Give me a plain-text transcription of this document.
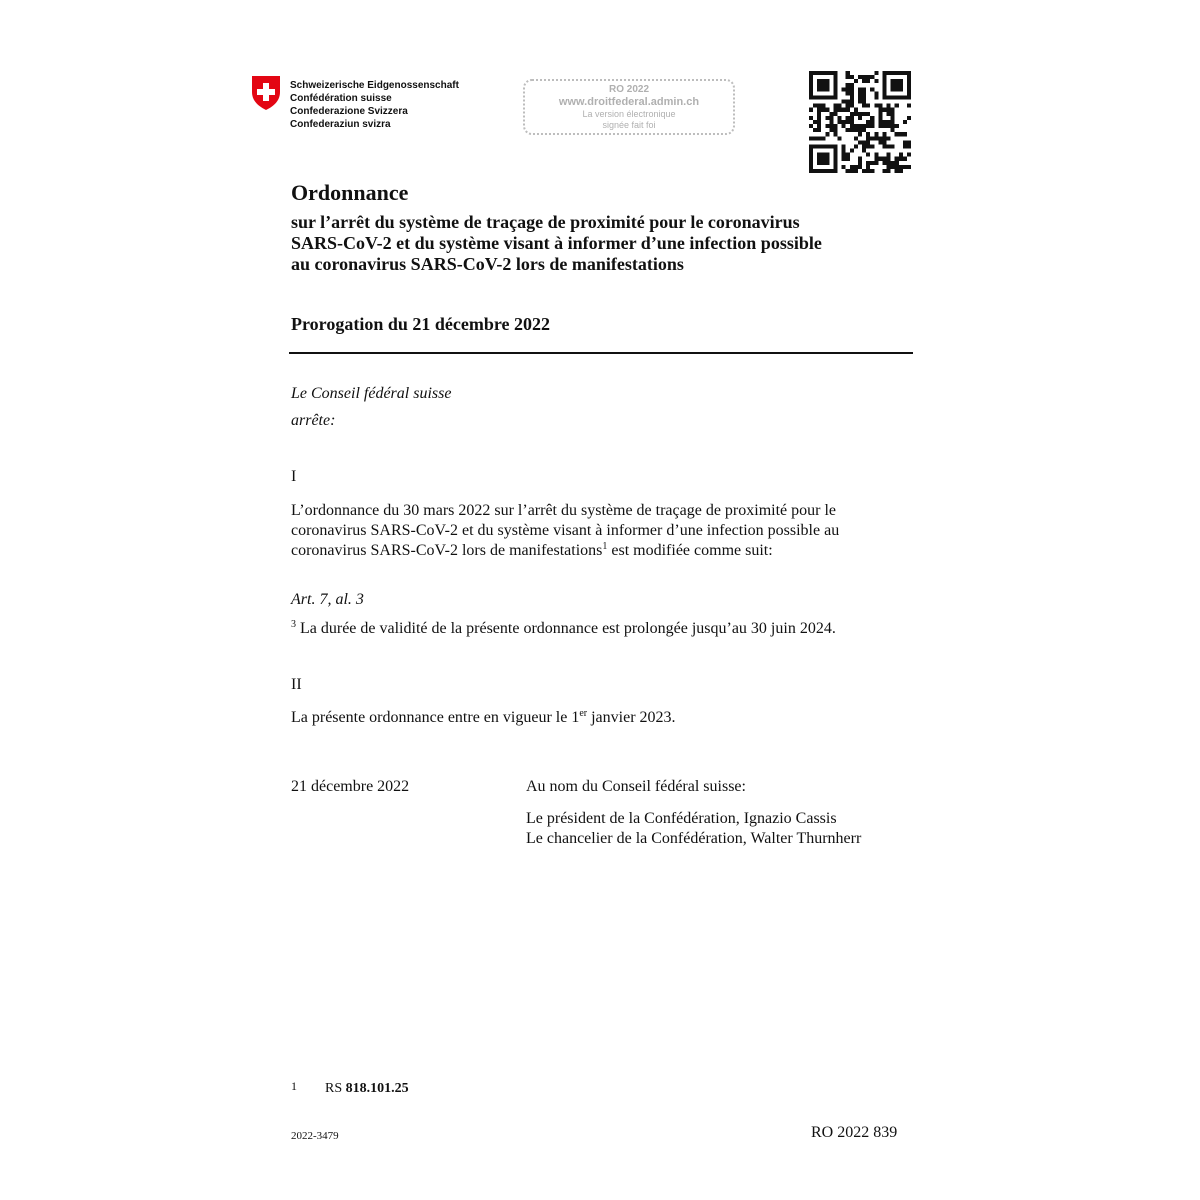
Schweizerische Eidgenossenschaft
Confédération suisse
Confederazione Svizzera
Confederaziun svizra
RO 2022
www.droitfederal.admin.ch
La version électronique
signée fait foi
Ordonnance
sur l’arrêt du système de traçage de proximité pour le coronavirus
SARS-CoV-2 et du système visant à informer d’une infection possible
au coronavirus SARS-CoV-2 lors de manifestations
Prorogation du 21 décembre 2022
Le Conseil fédéral suisse
arrête:
I
L’ordonnance du 30 mars 2022 sur l’arrêt du système de traçage de proximité pour le
coronavirus SARS-CoV-2 et du système visant à informer d’une infection possible au
coronavirus SARS-CoV-2 lors de manifestations$^1$ est modifiée comme suit:
Art. 7, al. 3
$^3$ La durée de validité de la présente ordonnance est prolongée jusqu’au 30 juin 2024.
II
La présente ordonnance entre en vigueur le 1er janvier 2023.
21 décembre 2022	Au nom du Conseil fédéral suisse:
Le président de la Confédération, Ignazio Cassis
Le chancelier de la Confédération, Walter Thurnherr
1 RS 818.101.25
2022-3479	RO 2022 839
